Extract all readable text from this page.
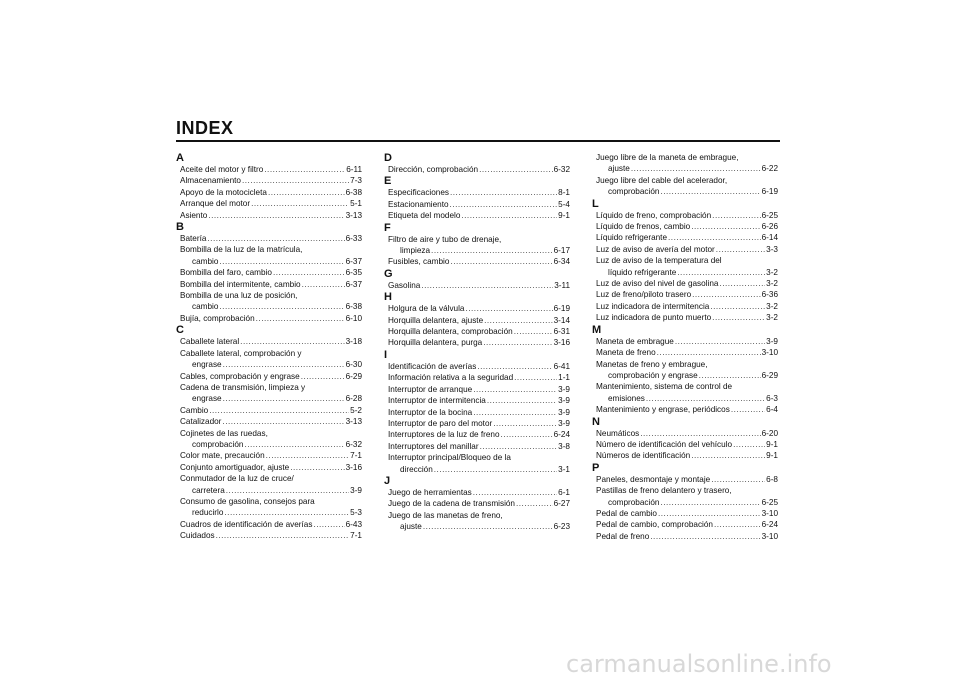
INDEX
A
Aceite del motor y filtro .....	6-11
Almacenamiento .....	7-3
Apoyo de la motocicleta .....	6-38
Arranque del motor .....	5-1
Asiento .....	3-13
B
Batería .....	6-33
Bombilla de la luz de la matrícula,
cambio .....	6-37
Bombilla del faro, cambio .....	6-35
Bombilla del intermitente, cambio .....	6-37
Bombilla de una luz de posición,
cambio .....	6-38
Bujía, comprobación .....	6-10
C
Caballete lateral .....	3-18
Caballete lateral, comprobación y
engrase .....	6-30
Cables, comprobación y engrase .....	6-29
Cadena de transmisión, limpieza y
engrase .....	6-28
Cambio .....	5-2
Catalizador .....	3-13
Cojinetes de las ruedas,
comprobación .....	6-32
Color mate, precaución .....	7-1
Conjunto amortiguador, ajuste .....	3-16
Conmutador de la luz de cruce/
carretera .....	3-9
Consumo de gasolina, consejos para
reducirlo .....	5-3
Cuadros de identificación de averías .....	6-43
Cuidados .....	7-1
D
Dirección, comprobación .....	6-32
E
Especificaciones .....	8-1
Estacionamiento .....	5-4
Etiqueta del modelo .....	9-1
F
Filtro de aire y tubo de drenaje,
limpieza .....	6-17
Fusibles, cambio .....	6-34
G
Gasolina .....	3-11
H
Holgura de la válvula .....	6-19
Horquilla delantera, ajuste .....	3-14
Horquilla delantera, comprobación .....	6-31
Horquilla delantera, purga .....	3-16
I
Identificación de averías .....	6-41
Información relativa a la seguridad .....	1-1
Interruptor de arranque .....	3-9
Interruptor de intermitencia .....	3-9
Interruptor de la bocina .....	3-9
Interruptor de paro del motor .....	3-9
Interruptores de la luz de freno .....	6-24
Interruptores del manillar .....	3-8
Interruptor principal/Bloqueo de la
dirección .....	3-1
J
Juego de herramientas .....	6-1
Juego de la cadena de transmisión .....	6-27
Juego de las manetas de freno,
ajuste .....	6-23
Juego libre de la maneta de embrague,
ajuste .....	6-22
Juego libre del cable del acelerador,
comprobación .....	6-19
L
Líquido de freno, comprobación .....	6-25
Líquido de frenos, cambio .....	6-26
Líquido refrigerante .....	6-14
Luz de aviso de avería del motor .....	3-3
Luz de aviso de la temperatura del
líquido refrigerante .....	3-2
Luz de aviso del nivel de gasolina .....	3-2
Luz de freno/piloto trasero .....	6-36
Luz indicadora de intermitencia .....	3-2
Luz indicadora de punto muerto .....	3-2
M
Maneta de embrague .....	3-9
Maneta de freno .....	3-10
Manetas de freno y embrague,
comprobación y engrase .....	6-29
Mantenimiento, sistema de control de
emisiones .....	6-3
Mantenimiento y engrase, periódicos .....	6-4
N
Neumáticos .....	6-20
Número de identificación del vehículo .....	9-1
Números de identificación .....	9-1
P
Paneles, desmontaje y montaje .....	6-8
Pastillas de freno delantero y trasero,
comprobación .....	6-25
Pedal de cambio .....	3-10
Pedal de cambio, comprobación .....	6-24
Pedal de freno .....	3-10
carmanualsonline.info
